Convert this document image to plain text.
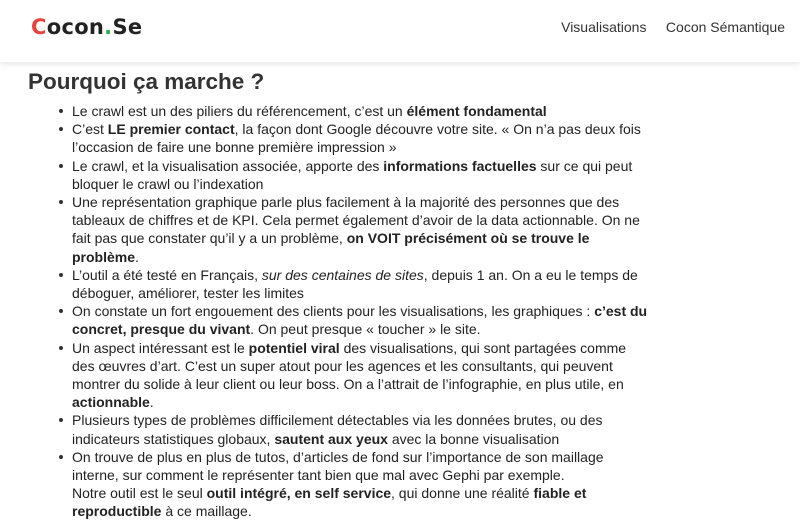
Cocon.Se	Visualisations Cocon Sémantique
Pourquoi ça marche ?
Le crawl est un des piliers du référencement, c’est un élément fondamental
C’est LE premier contact, la façon dont Google découvre votre site. « On n’a pas deux fois l’occasion de faire une bonne première impression »
Le crawl, et la visualisation associée, apporte des informations factuelles sur ce qui peut bloquer le crawl ou l’indexation
Une représentation graphique parle plus facilement à la majorité des personnes que des tableaux de chiffres et de KPI. Cela permet également d’avoir de la data actionnable. On ne fait pas que constater qu’il y a un problème, on VOIT précisément où se trouve le problème.
L’outil a été testé en Français, sur des centaines de sites, depuis 1 an. On a eu le temps de déboguer, améliorer, tester les limites
On constate un fort engouement des clients pour les visualisations, les graphiques : c’est du concret, presque du vivant. On peut presque « toucher » le site.
Un aspect intéressant est le potentiel viral des visualisations, qui sont partagées comme des œuvres d’art. C’est un super atout pour les agences et les consultants, qui peuvent montrer du solide à leur client ou leur boss. On a l’attrait de l’infographie, en plus utile, en actionnable.
Plusieurs types de problèmes difficilement détectables via les données brutes, ou des indicateurs statistiques globaux, sautent aux yeux avec la bonne visualisation
On trouve de plus en plus de tutos, d’articles de fond sur l’importance de son maillage interne, sur comment le représenter tant bien que mal avec Gephi par exemple.
Notre outil est le seul outil intégré, en self service, qui donne une réalité fiable et reproductible à ce maillage.
